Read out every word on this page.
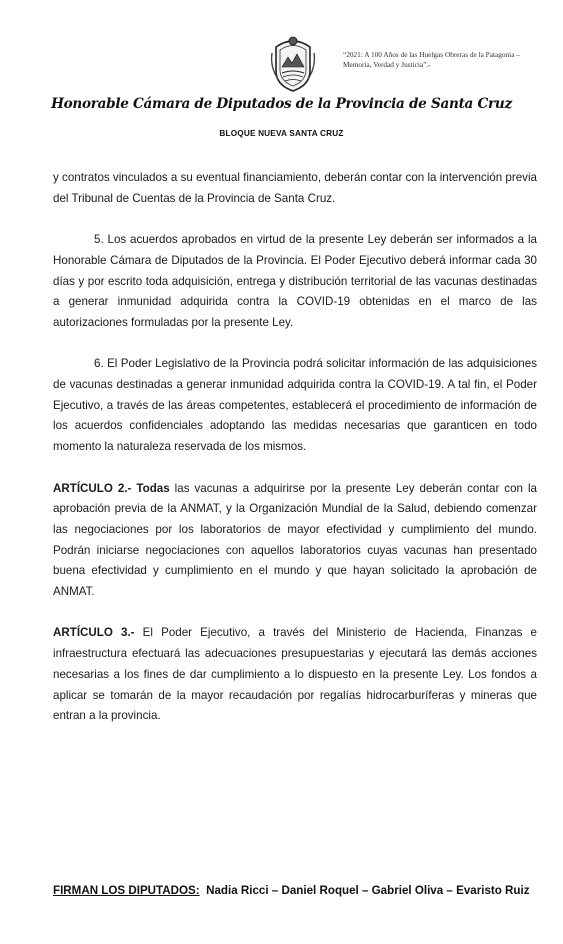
“2021: A 100 Años de las Huelgas Obreras de la Patagonia – Memoria, Verdad y Justicia”.-
Honorable Cámara de Diputados de la Provincia de Santa Cruz
BLOQUE NUEVA SANTA CRUZ

y contratos vinculados a su eventual financiamiento, deberán contar con la intervención previa del Tribunal de Cuentas de la Provincia de Santa Cruz.

5. Los acuerdos aprobados en virtud de la presente Ley deberán ser informados a la Honorable Cámara de Diputados de la Provincia. El Poder Ejecutivo deberá informar cada 30 días y por escrito toda adquisición, entrega y distribución territorial de las vacunas destinadas a generar inmunidad adquirida contra la COVID-19 obtenidas en el marco de las autorizaciones formuladas por la presente Ley.

6. El Poder Legislativo de la Provincia podrá solicitar información de las adquisiciones de vacunas destinadas a generar inmunidad adquirida contra la COVID-19. A tal fin, el Poder Ejecutivo, a través de las áreas competentes, establecerá el procedimiento de información de los acuerdos confidenciales adoptando las medidas necesarias que garanticen en todo momento la naturaleza reservada de los mismos.

ARTÍCULO 2.- Todas las vacunas a adquirirse por la presente Ley deberán contar con la aprobación previa de la ANMAT, y la Organización Mundial de la Salud, debiendo comenzar las negociaciones por los laboratorios de mayor efectividad y cumplimiento del mundo. Podrán iniciarse negociaciones con aquellos laboratorios cuyas vacunas han presentado buena efectividad y cumplimiento en el mundo y que hayan solicitado la aprobación de ANMAT.

ARTÍCULO 3.- El Poder Ejecutivo, a través del Ministerio de Hacienda, Finanzas e infraestructura efectuará las adecuaciones presupuestarias y ejecutará las demás acciones necesarias a los fines de dar cumplimiento a lo dispuesto en la presente Ley. Los fondos a aplicar se tomarán de la mayor recaudación por regalías hidrocarburíferas y mineras que entran a la provincia.

FIRMAN LOS DIPUTADOS:  Nadia Ricci – Daniel Roquel – Gabriel Oliva – Evaristo Ruiz
